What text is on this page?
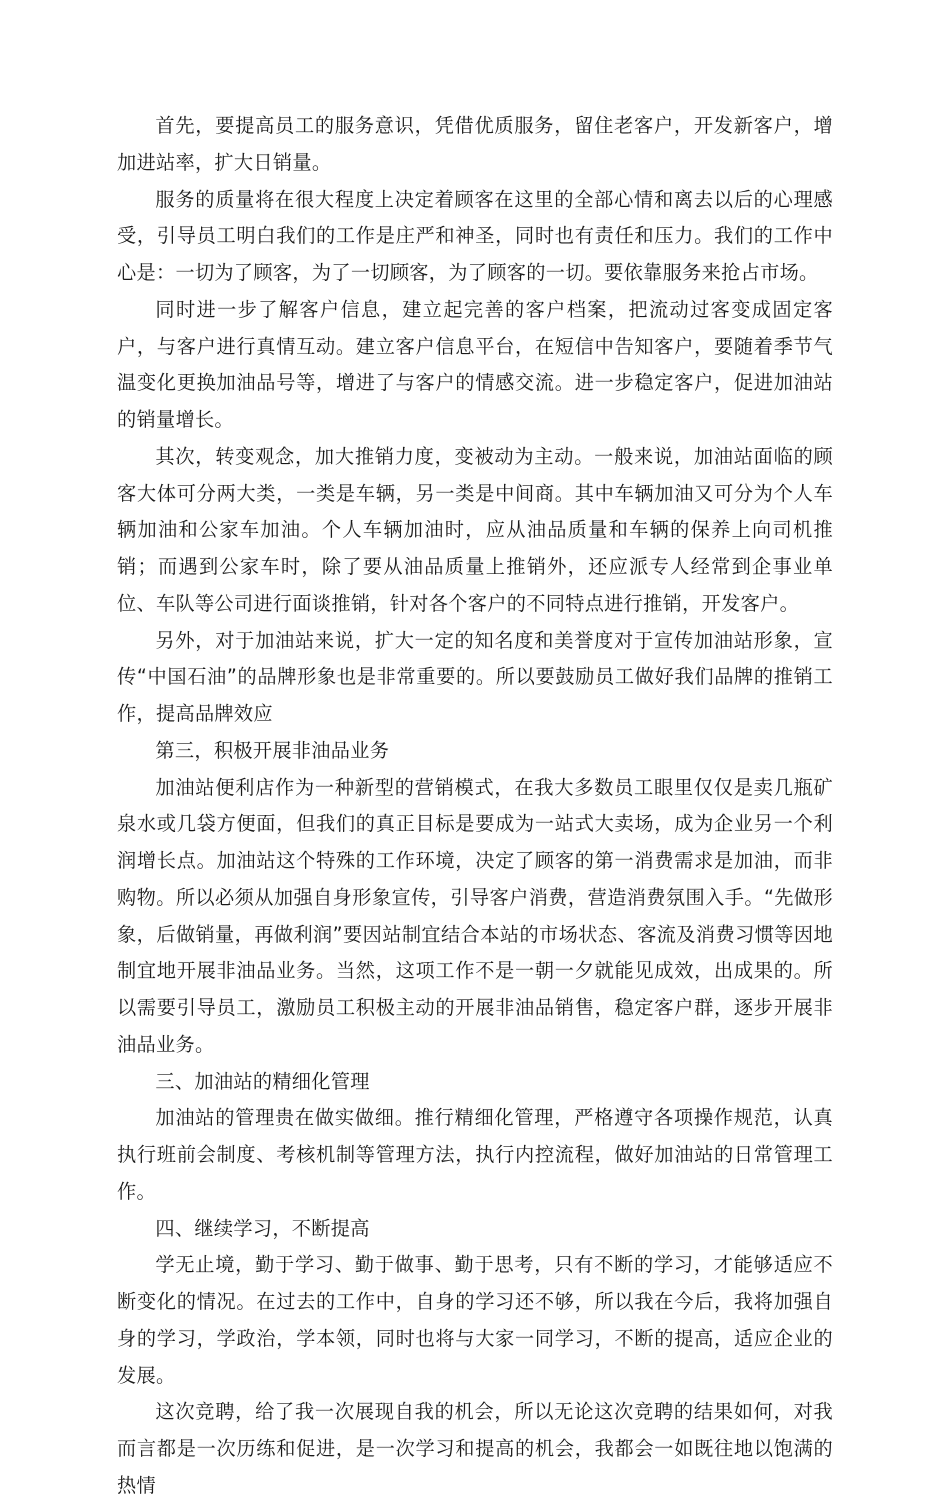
首先，要提高员工的服务意识，凭借优质服务，留住老客户，开发新客户，增加进站率，扩大日销量。

服务的质量将在很大程度上决定着顾客在这里的全部心情和离去以后的心理感受，引导员工明白我们的工作是庄严和神圣，同时也有责任和压力。我们的工作中心是：一切为了顾客，为了一切顾客，为了顾客的一切。要依靠服务来抢占市场。

同时进一步了解客户信息，建立起完善的客户档案，把流动过客变成固定客户，与客户进行真情互动。建立客户信息平台，在短信中告知客户，要随着季节气温变化更换加油品号等，增进了与客户的情感交流。进一步稳定客户，促进加油站的销量增长。

其次，转变观念，加大推销力度，变被动为主动。一般来说，加油站面临的顾客大体可分两大类，一类是车辆，另一类是中间商。其中车辆加油又可分为个人车辆加油和公家车加油。个人车辆加油时，应从油品质量和车辆的保养上向司机推销；而遇到公家车时，除了要从油品质量上推销外，还应派专人经常到企事业单位、车队等公司进行面谈推销，针对各个客户的不同特点进行推销，开发客户。

另外，对于加油站来说，扩大一定的知名度和美誉度对于宣传加油站形象，宣传“中国石油”的品牌形象也是非常重要的。所以要鼓励员工做好我们品牌的推销工作，提高品牌效应

第三，积极开展非油品业务

加油站便利店作为一种新型的营销模式，在我大多数员工眼里仅仅是卖几瓶矿泉水或几袋方便面，但我们的真正目标是要成为一站式大卖场，成为企业另一个利润增长点。加油站这个特殊的工作环境，决定了顾客的第一消费需求是加油，而非购物。所以必须从加强自身形象宣传，引导客户消费，营造消费氛围入手。“先做形象，后做销量，再做利润”要因站制宜结合本站的市场状态、客流及消费习惯等因地制宜地开展非油品业务。当然，这项工作不是一朝一夕就能见成效，出成果的。所以需要引导员工，激励员工积极主动的开展非油品销售，稳定客户群，逐步开展非油品业务。

三、加油站的精细化管理

加油站的管理贵在做实做细。推行精细化管理，严格遵守各项操作规范，认真执行班前会制度、考核机制等管理方法，执行内控流程，做好加油站的日常管理工作。

四、继续学习，不断提高

学无止境，勤于学习、勤于做事、勤于思考，只有不断的学习，才能够适应不断变化的情况。在过去的工作中，自身的学习还不够，所以我在今后，我将加强自身的学习，学政治，学本领，同时也将与大家一同学习，不断的提高，适应企业的发展。

这次竞聘，给了我一次展现自我的机会，所以无论这次竞聘的结果如何，对我而言都是一次历练和促进，是一次学习和提高的机会，我都会一如既往地以饱满的热情
